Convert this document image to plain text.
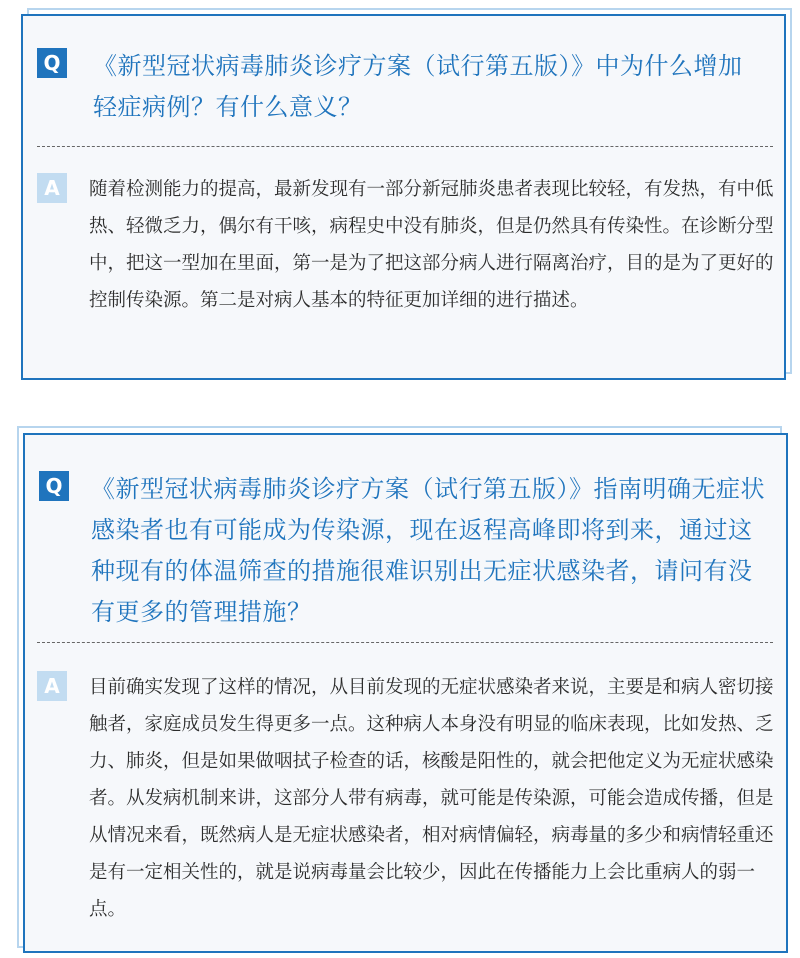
Q 《新型冠状病毒肺炎诊疗方案（试行第五版）》中为什么增加轻症病例？有什么意义？
A	随着检测能力的提高，最新发现有一部分新冠肺炎患者表现比较轻，有发热，有中低热、轻微乏力，偶尔有干咳，病程史中没有肺炎，但是仍然具有传染性。在诊断分型中，把这一型加在里面，第一是为了把这部分病人进行隔离治疗，目的是为了更好的控制传染源。第二是对病人基本的特征更加详细的进行描述。
Q 《新型冠状病毒肺炎诊疗方案（试行第五版）》指南明确无症状感染者也有可能成为传染源，现在返程高峰即将到来，通过这种现有的体温筛查的措施很难识别出无症状感染者，请问有没有更多的管理措施？
A	目前确实发现了这样的情况，从目前发现的无症状感染者来说，主要是和病人密切接触者，家庭成员发生得更多一点。这种病人本身没有明显的临床表现，比如发热、乏力、肺炎，但是如果做咽拭子检查的话，核酸是阳性的，就会把他定义为无症状感染者。从发病机制来讲，这部分人带有病毒，就可能是传染源，可能会造成传播，但是从情况来看，既然病人是无症状感染者，相对病情偏轻，病毒量的多少和病情轻重还是有一定相关性的，就是说病毒量会比较少，因此在传播能力上会比重病人的弱一点。
